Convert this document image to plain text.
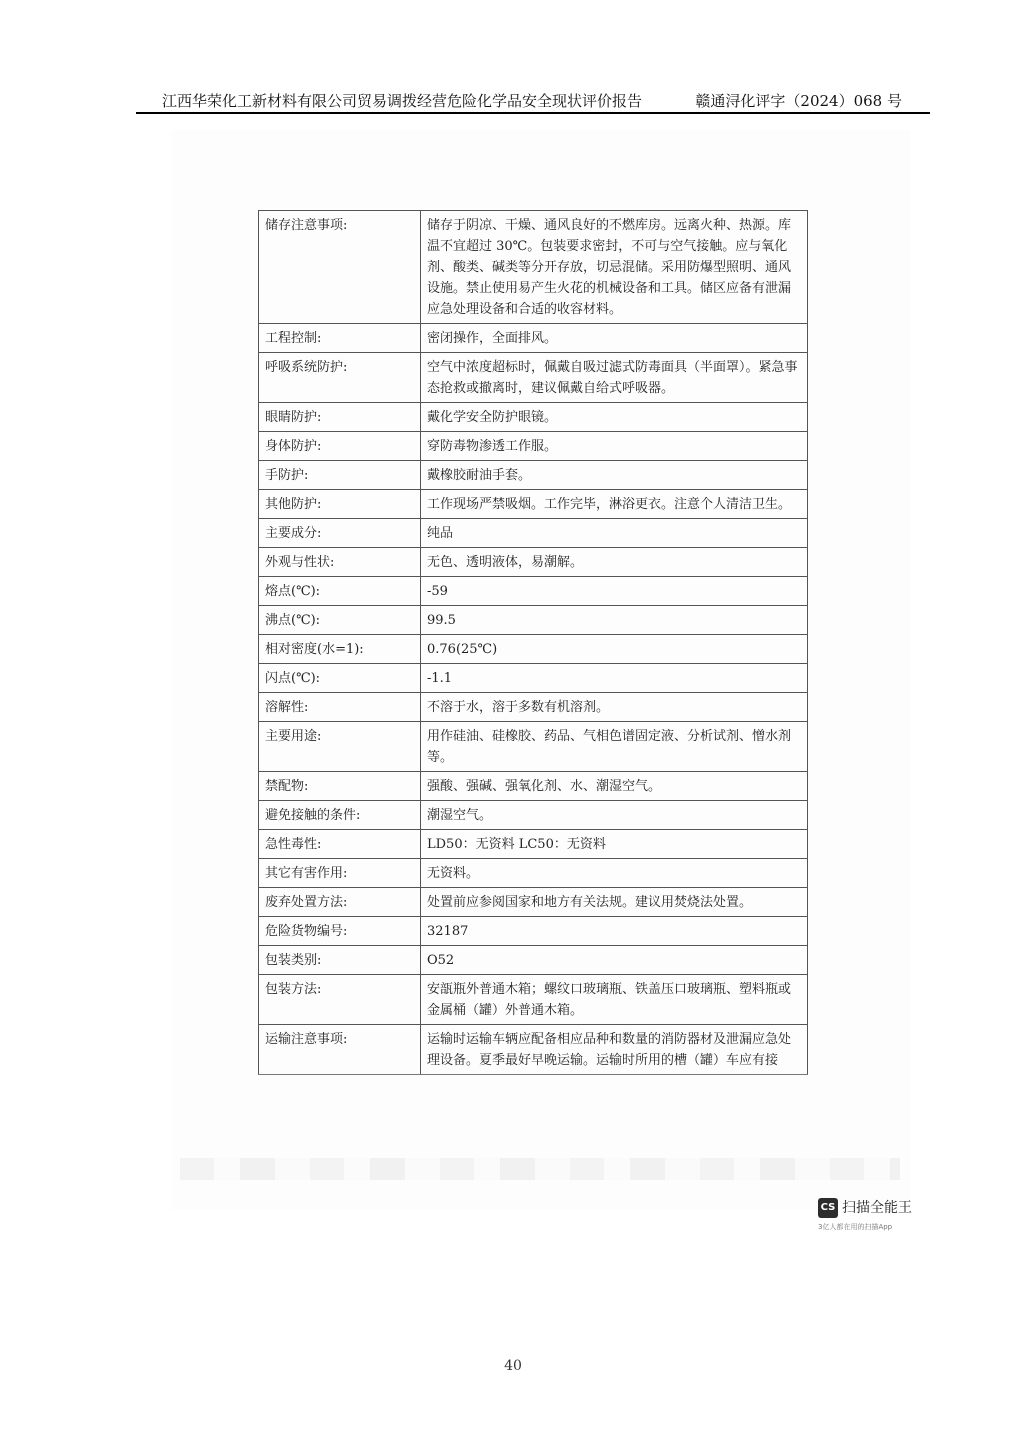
江西华荣化工新材料有限公司贸易调拨经营危险化学品安全现状评价报告	赣通浔化评字（2024）068 号
储存注意事项:	储存于阴凉、干燥、通风良好的不燃库房。远离火种、热源。库温不宜超过 30℃。包装要求密封，不可与空气接触。应与氧化剂、酸类、碱类等分开存放，切忌混储。采用防爆型照明、通风设施。禁止使用易产生火花的机械设备和工具。储区应备有泄漏应急处理设备和合适的收容材料。
工程控制:	密闭操作，全面排风。
呼吸系统防护:	空气中浓度超标时，佩戴自吸过滤式防毒面具（半面罩）。紧急事态抢救或撤离时，建议佩戴自给式呼吸器。
眼睛防护:	戴化学安全防护眼镜。
身体防护:	穿防毒物渗透工作服。
手防护:	戴橡胶耐油手套。
其他防护:	工作现场严禁吸烟。工作完毕，淋浴更衣。注意个人清洁卫生。
主要成分:	纯品
外观与性状:	无色、透明液体，易潮解。
熔点(℃):	-59
沸点(℃):	99.5
相对密度(水=1):	0.76(25℃)
闪点(℃):	-1.1
溶解性:	不溶于水，溶于多数有机溶剂。
主要用途:	用作硅油、硅橡胶、药品、气相色谱固定液、分析试剂、憎水剂等。
禁配物:	强酸、强碱、强氧化剂、水、潮湿空气。
避免接触的条件:	潮湿空气。
急性毒性:	LD50：无资料 LC50：无资料
其它有害作用:	无资料。
废弃处置方法:	处置前应参阅国家和地方有关法规。建议用焚烧法处置。
危险货物编号:	32187
包装类别:	O52
包装方法:	安瓿瓶外普通木箱；螺纹口玻璃瓶、铁盖压口玻璃瓶、塑料瓶或金属桶（罐）外普通木箱。
运输注意事项:	运输时运输车辆应配备相应品种和数量的消防器材及泄漏应急处理设备。夏季最好早晚运输。运输时所用的槽（罐）车应有接
CS 扫描全能王
3亿人都在用的扫描App
40
